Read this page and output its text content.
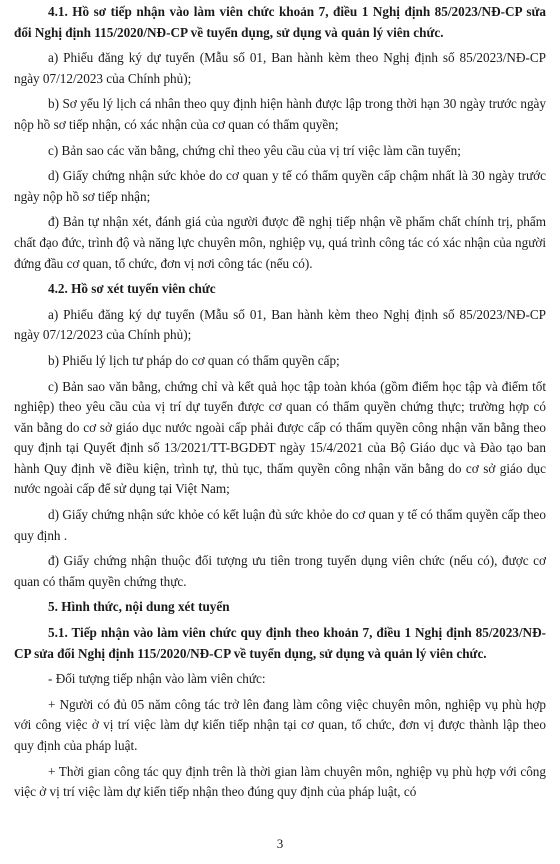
4.1. Hồ sơ tiếp nhận vào làm viên chức khoản 7, điều 1 Nghị định 85/2023/NĐ-CP sửa đổi Nghị định 115/2020/NĐ-CP về tuyển dụng, sử dụng và quản lý viên chức.

a) Phiếu đăng ký dự tuyển (Mẫu số 01, Ban hành kèm theo Nghị định số 85/2023/NĐ-CP ngày 07/12/2023 của Chính phủ);

b) Sơ yếu lý lịch cá nhân theo quy định hiện hành được lập trong thời hạn 30 ngày trước ngày nộp hồ sơ tiếp nhận, có xác nhận của cơ quan có thẩm quyền;

c) Bản sao các văn bằng, chứng chỉ theo yêu cầu của vị trí việc làm cần tuyển;

d) Giấy chứng nhận sức khỏe do cơ quan y tế có thẩm quyền cấp chậm nhất là 30 ngày trước ngày nộp hồ sơ tiếp nhận;

đ) Bản tự nhận xét, đánh giá của người được đề nghị tiếp nhận về phẩm chất chính trị, phẩm chất đạo đức, trình độ và năng lực chuyên môn, nghiệp vụ, quá trình công tác có xác nhận của người đứng đầu cơ quan, tổ chức, đơn vị nơi công tác (nếu có).

4.2. Hồ sơ xét tuyển viên chức

a) Phiếu đăng ký dự tuyển (Mẫu số 01, Ban hành kèm theo Nghị định số 85/2023/NĐ-CP ngày 07/12/2023 của Chính phủ);

b) Phiếu lý lịch tư pháp do cơ quan có thẩm quyền cấp;

c) Bản sao văn bằng, chứng chỉ và kết quả học tập toàn khóa (gồm điểm học tập và điểm tốt nghiệp) theo yêu cầu của vị trí dự tuyển được cơ quan có thẩm quyền chứng thực; trường hợp có văn bằng do cơ sở giáo dục nước ngoài cấp phải được cấp có thẩm quyền công nhận văn bằng theo quy định tại Quyết định số 13/2021/TT-BGDĐT ngày 15/4/2021 của Bộ Giáo dục và Đào tạo ban hành Quy định về điều kiện, trình tự, thủ tục, thẩm quyền công nhận văn bằng do cơ sở giáo dục nước ngoài cấp để sử dụng tại Việt Nam;

d) Giấy chứng nhận sức khỏe có kết luận đủ sức khỏe do cơ quan y tế có thẩm quyền cấp theo quy định .

đ) Giấy chứng nhận thuộc đối tượng ưu tiên trong tuyển dụng viên chức (nếu có), được cơ quan có thẩm quyền chứng thực.

5. Hình thức, nội dung xét tuyển

5.1. Tiếp nhận vào làm viên chức quy định theo khoản 7, điều 1 Nghị định 85/2023/NĐ-CP sửa đổi Nghị định 115/2020/NĐ-CP về tuyển dụng, sử dụng và quản lý viên chức.

- Đối tượng tiếp nhận vào làm viên chức:

+ Người có đủ 05 năm công tác trở lên đang làm công việc chuyên môn, nghiệp vụ phù hợp với công việc ở vị trí việc làm dự kiến tiếp nhận tại cơ quan, tổ chức, đơn vị được thành lập theo quy định của pháp luật.

+ Thời gian công tác quy định trên là thời gian làm chuyên môn, nghiệp vụ phù hợp với công việc ở vị trí việc làm dự kiến tiếp nhận theo đúng quy định của pháp luật, có

3
